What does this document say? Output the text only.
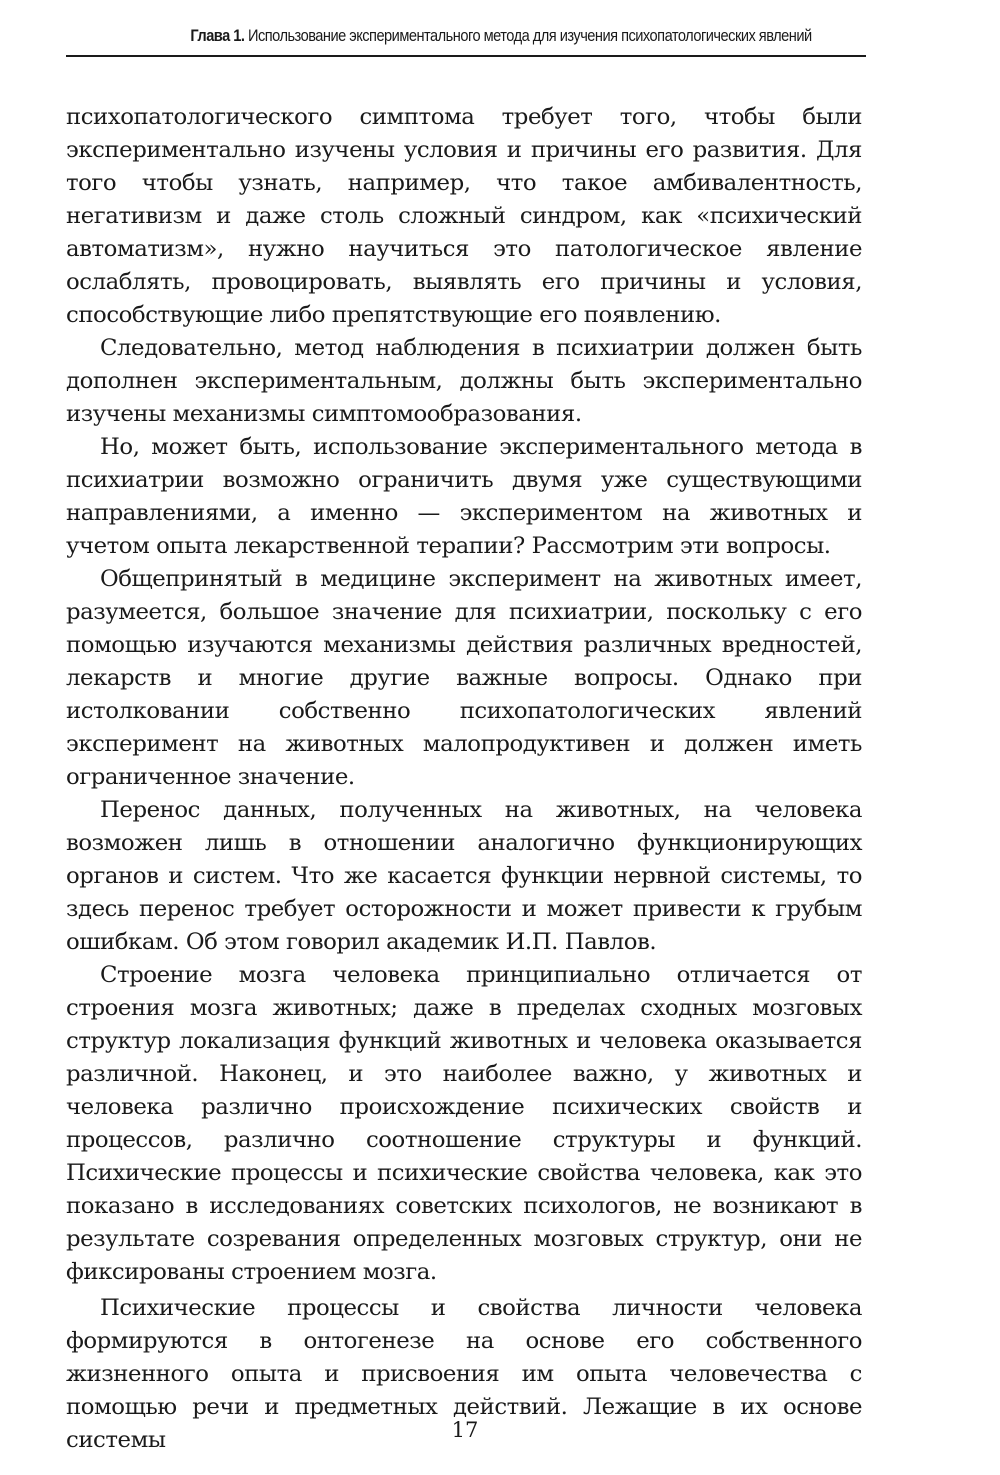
Глава 1. Использование экспериментального метода для изучения психопатологических явлений

психопатологического симптома требует того, чтобы были экспериментально изучены условия и причины его развития. Для того чтобы узнать, например, что такое амбивалентность, негативизм и даже столь сложный синдром, как «психический автоматизм», нужно научиться это патологическое явление ослаблять, провоцировать, выявлять его причины и условия, способствующие либо препятствующие его появлению.

Следовательно, метод наблюдения в психиатрии должен быть дополнен экспериментальным, должны быть экспериментально изучены механизмы симптомообразования.

Но, может быть, использование экспериментального метода в психиатрии возможно ограничить двумя уже существующими направлениями, а именно — экспериментом на животных и учетом опыта лекарственной терапии? Рассмотрим эти вопросы.

Общепринятый в медицине эксперимент на животных имеет, разумеется, большое значение для психиатрии, поскольку с его помощью изучаются механизмы действия различных вредностей, лекарств и многие другие важные вопросы. Однако при истолковании собственно психопатологических явлений эксперимент на животных малопродуктивен и должен иметь ограниченное значение.

Перенос данных, полученных на животных, на человека возможен лишь в отношении аналогично функционирующих органов и систем. Что же касается функции нервной системы, то здесь перенос требует осторожности и может привести к грубым ошибкам. Об этом говорил академик И.П. Павлов.

Строение мозга человека принципиально отличается от строения мозга животных; даже в пределах сходных мозговых структур локализация функций животных и человека оказывается различной. Наконец, и это наиболее важно, у животных и человека различно происхождение психических свойств и процессов, различно соотношение структуры и функций. Психические процессы и психические свойства человека, как это показано в исследованиях советских психологов, не возникают в результате созревания определенных мозговых структур, они не фиксированы строением мозга.

Психические процессы и свойства личности человека формируются в онтогенезе на основе его собственного жизненного опыта и присвоения им опыта человечества с помощью речи и предметных действий. Лежащие в их основе системы	17
